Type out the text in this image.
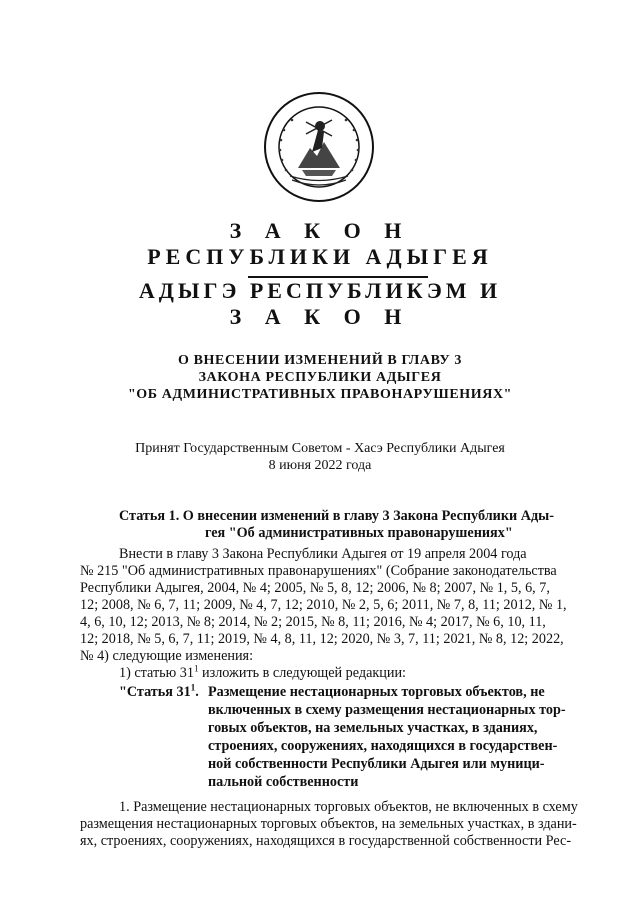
З А К О Н
РЕСПУБЛИКИ АДЫГЕЯ
АДЫГЭ РЕСПУБЛИКЭМ И
З А К О Н
О ВНЕСЕНИИ ИЗМЕНЕНИЙ В ГЛАВУ 3
ЗАКОНА РЕСПУБЛИКИ АДЫГЕЯ
"ОБ АДМИНИСТРАТИВНЫХ ПРАВОНАРУШЕНИЯХ"
Принят Государственным Советом - Хасэ Республики Адыгея
8 июня 2022 года
Статья 1. О внесении изменений в главу 3 Закона Республики Ады-
гея "Об административных правонарушениях"
Внести в главу 3 Закона Республики Адыгея от 19 апреля 2004 года
№ 215 "Об административных правонарушениях" (Собрание законодательства
Республики Адыгея, 2004, № 4; 2005, № 5, 8, 12; 2006, № 8; 2007, № 1, 5, 6, 7,
12; 2008, № 6, 7, 11; 2009, № 4, 7, 12; 2010, № 2, 5, 6; 2011, № 7, 8, 11; 2012, № 1,
4, 6, 10, 12; 2013, № 8; 2014, № 2; 2015, № 8, 11; 2016, № 4; 2017, № 6, 10, 11,
12; 2018, № 5, 6, 7, 11; 2019, № 4, 8, 11, 12; 2020, № 3, 7, 11; 2021, № 8, 12; 2022,
№ 4) следующие изменения:
1) статью $31^1$ изложить в следующей редакции:
"Статья $31^1$. Размещение нестационарных торговых объектов, не
включенных в схему размещения нестационарных тор-
говых объектов, на земельных участках, в зданиях,
строениях, сооружениях, находящихся в государствен-
ной собственности Республики Адыгея или муници-
пальной собственности
1. Размещение нестационарных торговых объектов, не включенных в схему
размещения нестационарных торговых объектов, на земельных участках, в здани-
ях, строениях, сооружениях, находящихся в государственной собственности Рес-
